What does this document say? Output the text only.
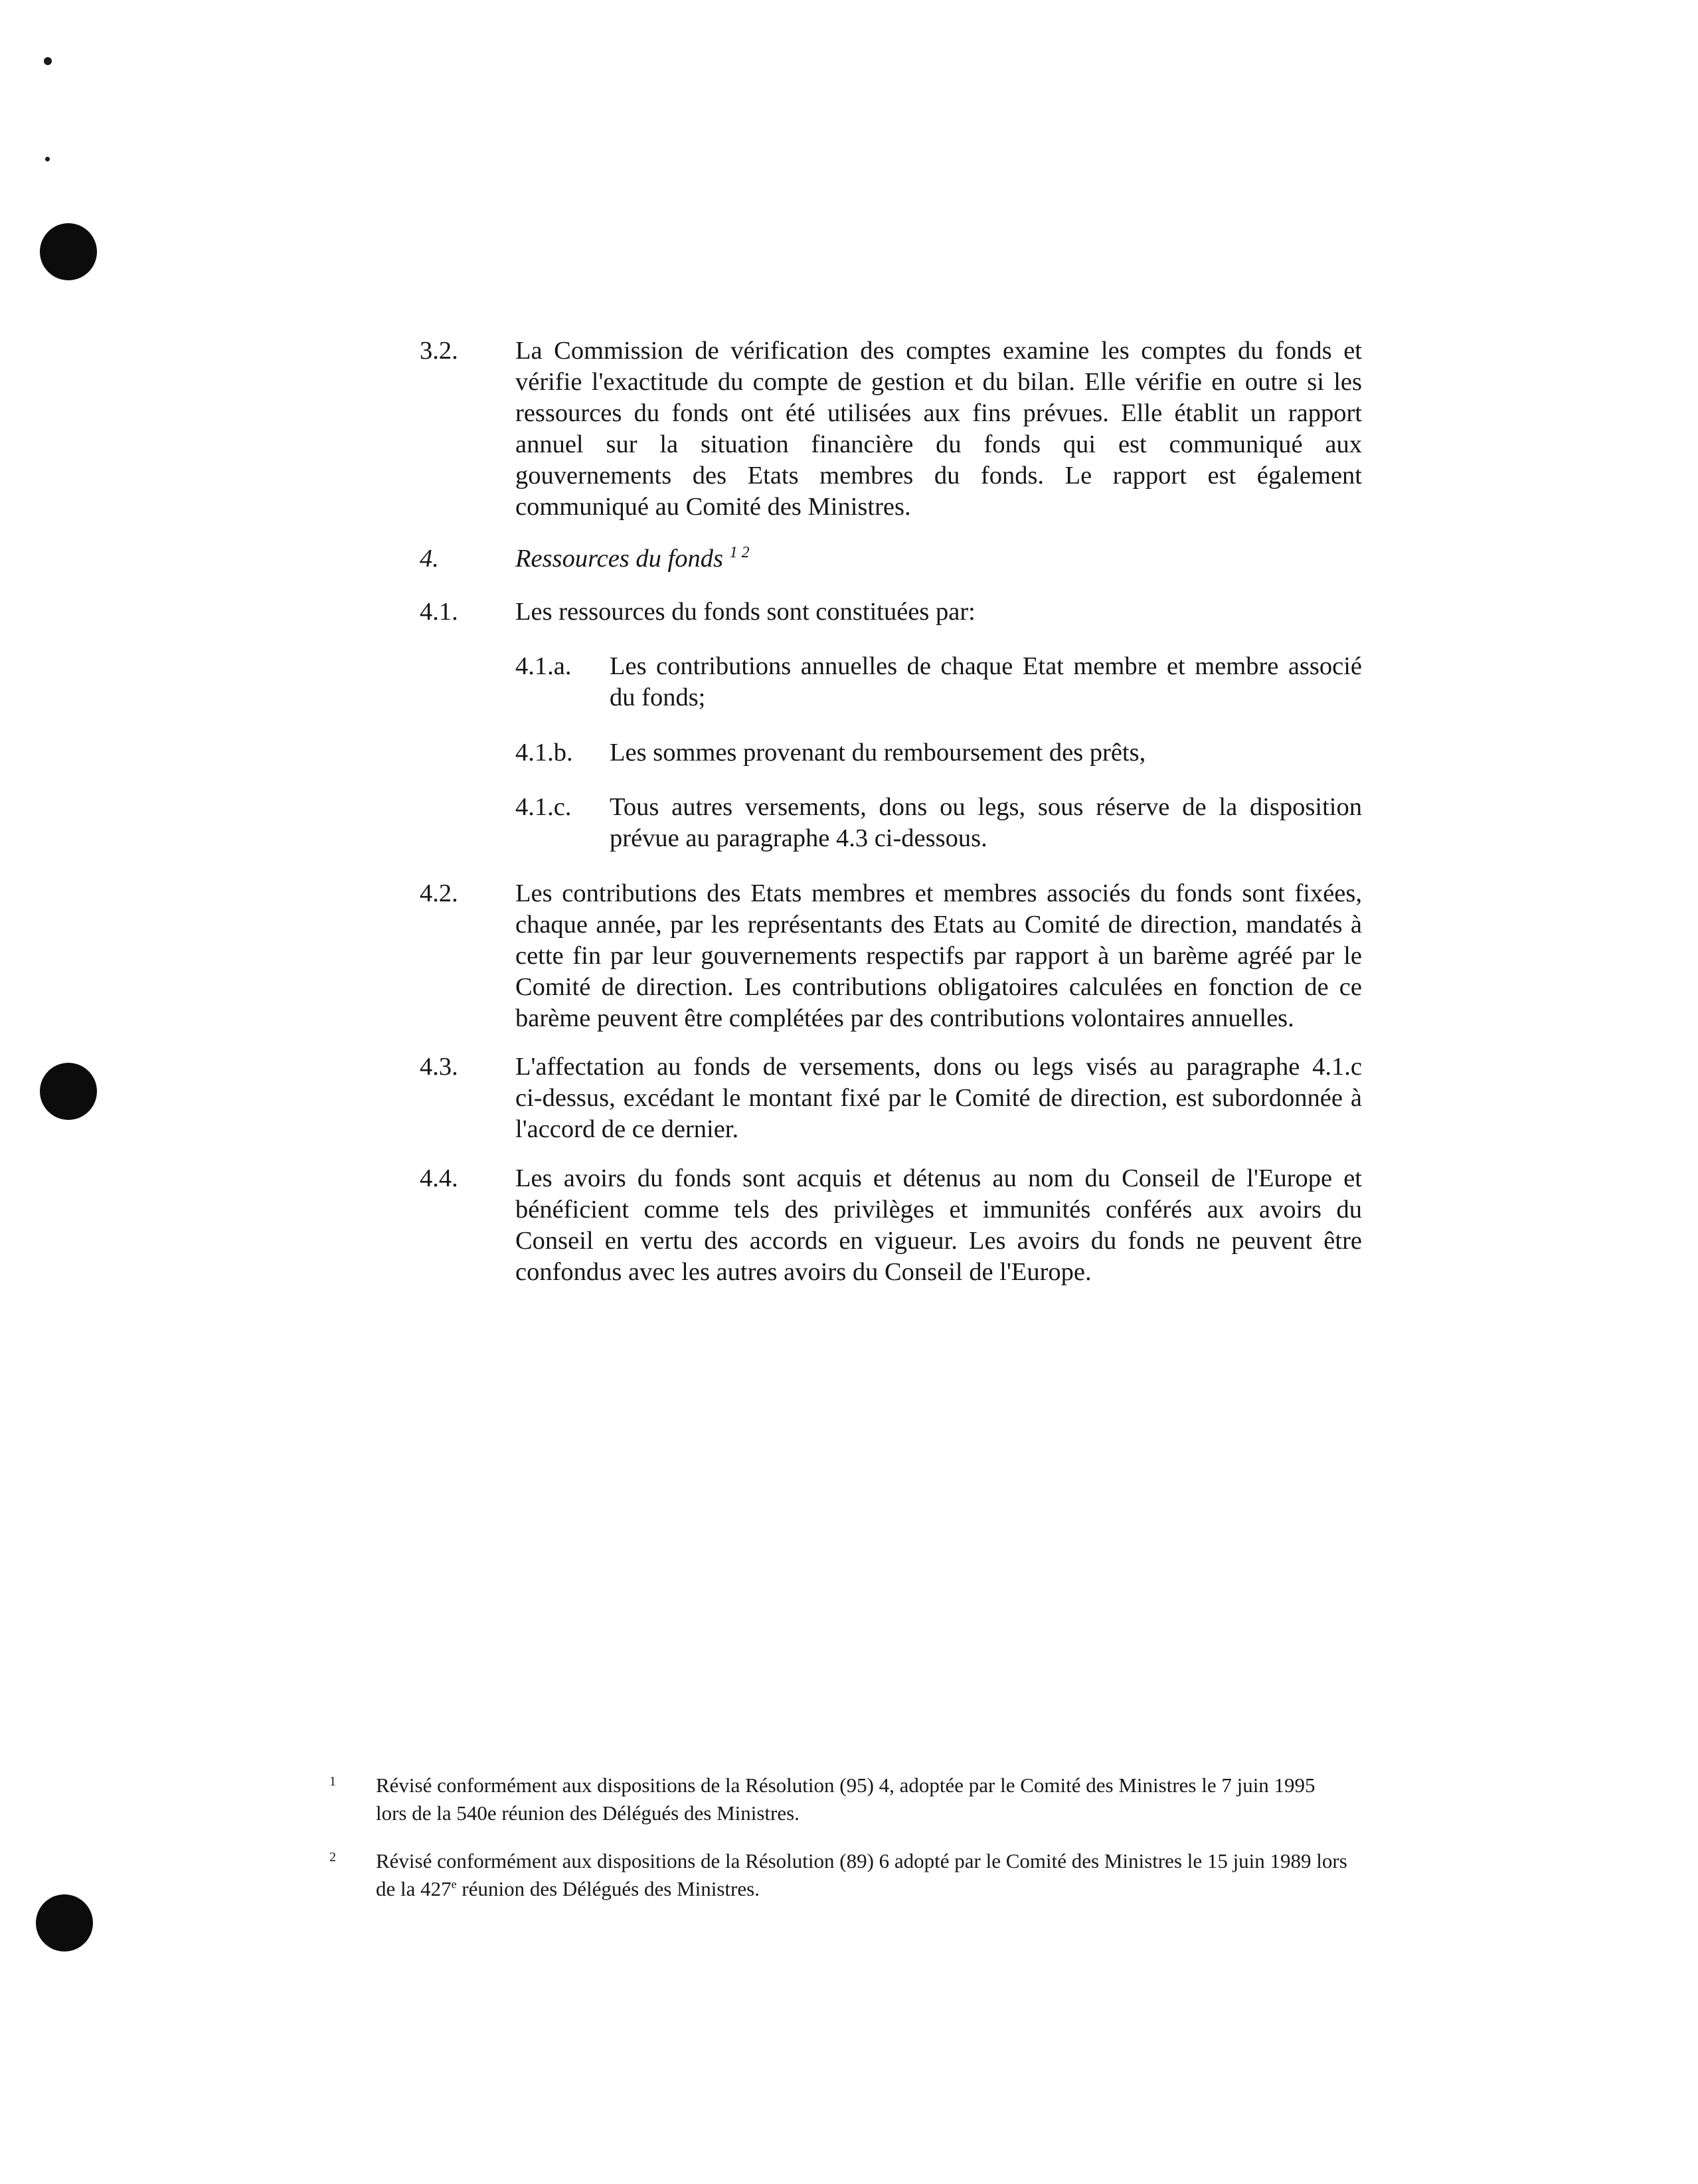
3.2. La Commission de vérification des comptes examine les comptes du fonds et
vérifie l'exactitude du compte de gestion et du bilan. Elle vérifie en outre si les
ressources du fonds ont été utilisées aux fins prévues. Elle établit un rapport
annuel sur la situation financière du fonds qui est communiqué aux
gouvernements des Etats membres du fonds. Le rapport est également
communiqué au Comité des Ministres.
4.	Ressources du fonds $^{1 2}$
4.1. Les ressources du fonds sont constituées par:
4.1.a. Les contributions annuelles de chaque Etat membre et membre associé
du fonds;
4.1.b. Les sommes provenant du remboursement des prêts,
4.1.c. Tous autres versements, dons ou legs, sous réserve de la disposition
prévue au paragraphe 4.3 ci-dessous.
4.2. Les contributions des Etats membres et membres associés du fonds sont fixées,
chaque année, par les représentants des Etats au Comité de direction, mandatés à
cette fin par leur gouvernements respectifs par rapport à un barème agréé par le
Comité de direction. Les contributions obligatoires calculées en fonction de ce
barème peuvent être complétées par des contributions volontaires annuelles.
4.3. L'affectation au fonds de versements, dons ou legs visés au paragraphe 4.1.c
ci-dessus, excédant le montant fixé par le Comité de direction, est subordonnée à
l'accord de ce dernier.
4.4. Les avoirs du fonds sont acquis et détenus au nom du Conseil de l'Europe et
bénéficient comme tels des privilèges et immunités conférés aux avoirs du
Conseil en vertu des accords en vigueur. Les avoirs du fonds ne peuvent être
confondus avec les autres avoirs du Conseil de l'Europe.
1 Révisé conformément aux dispositions de la Résolution (95) 4, adoptée par le Comité des Ministres le 7 juin 1995
lors de la 540e réunion des Délégués des Ministres.
2 Révisé conformément aux dispositions de la Résolution (89) 6 adopté par le Comité des Ministres le 15 juin 1989 lors
de la 427e réunion des Délégués des Ministres.
